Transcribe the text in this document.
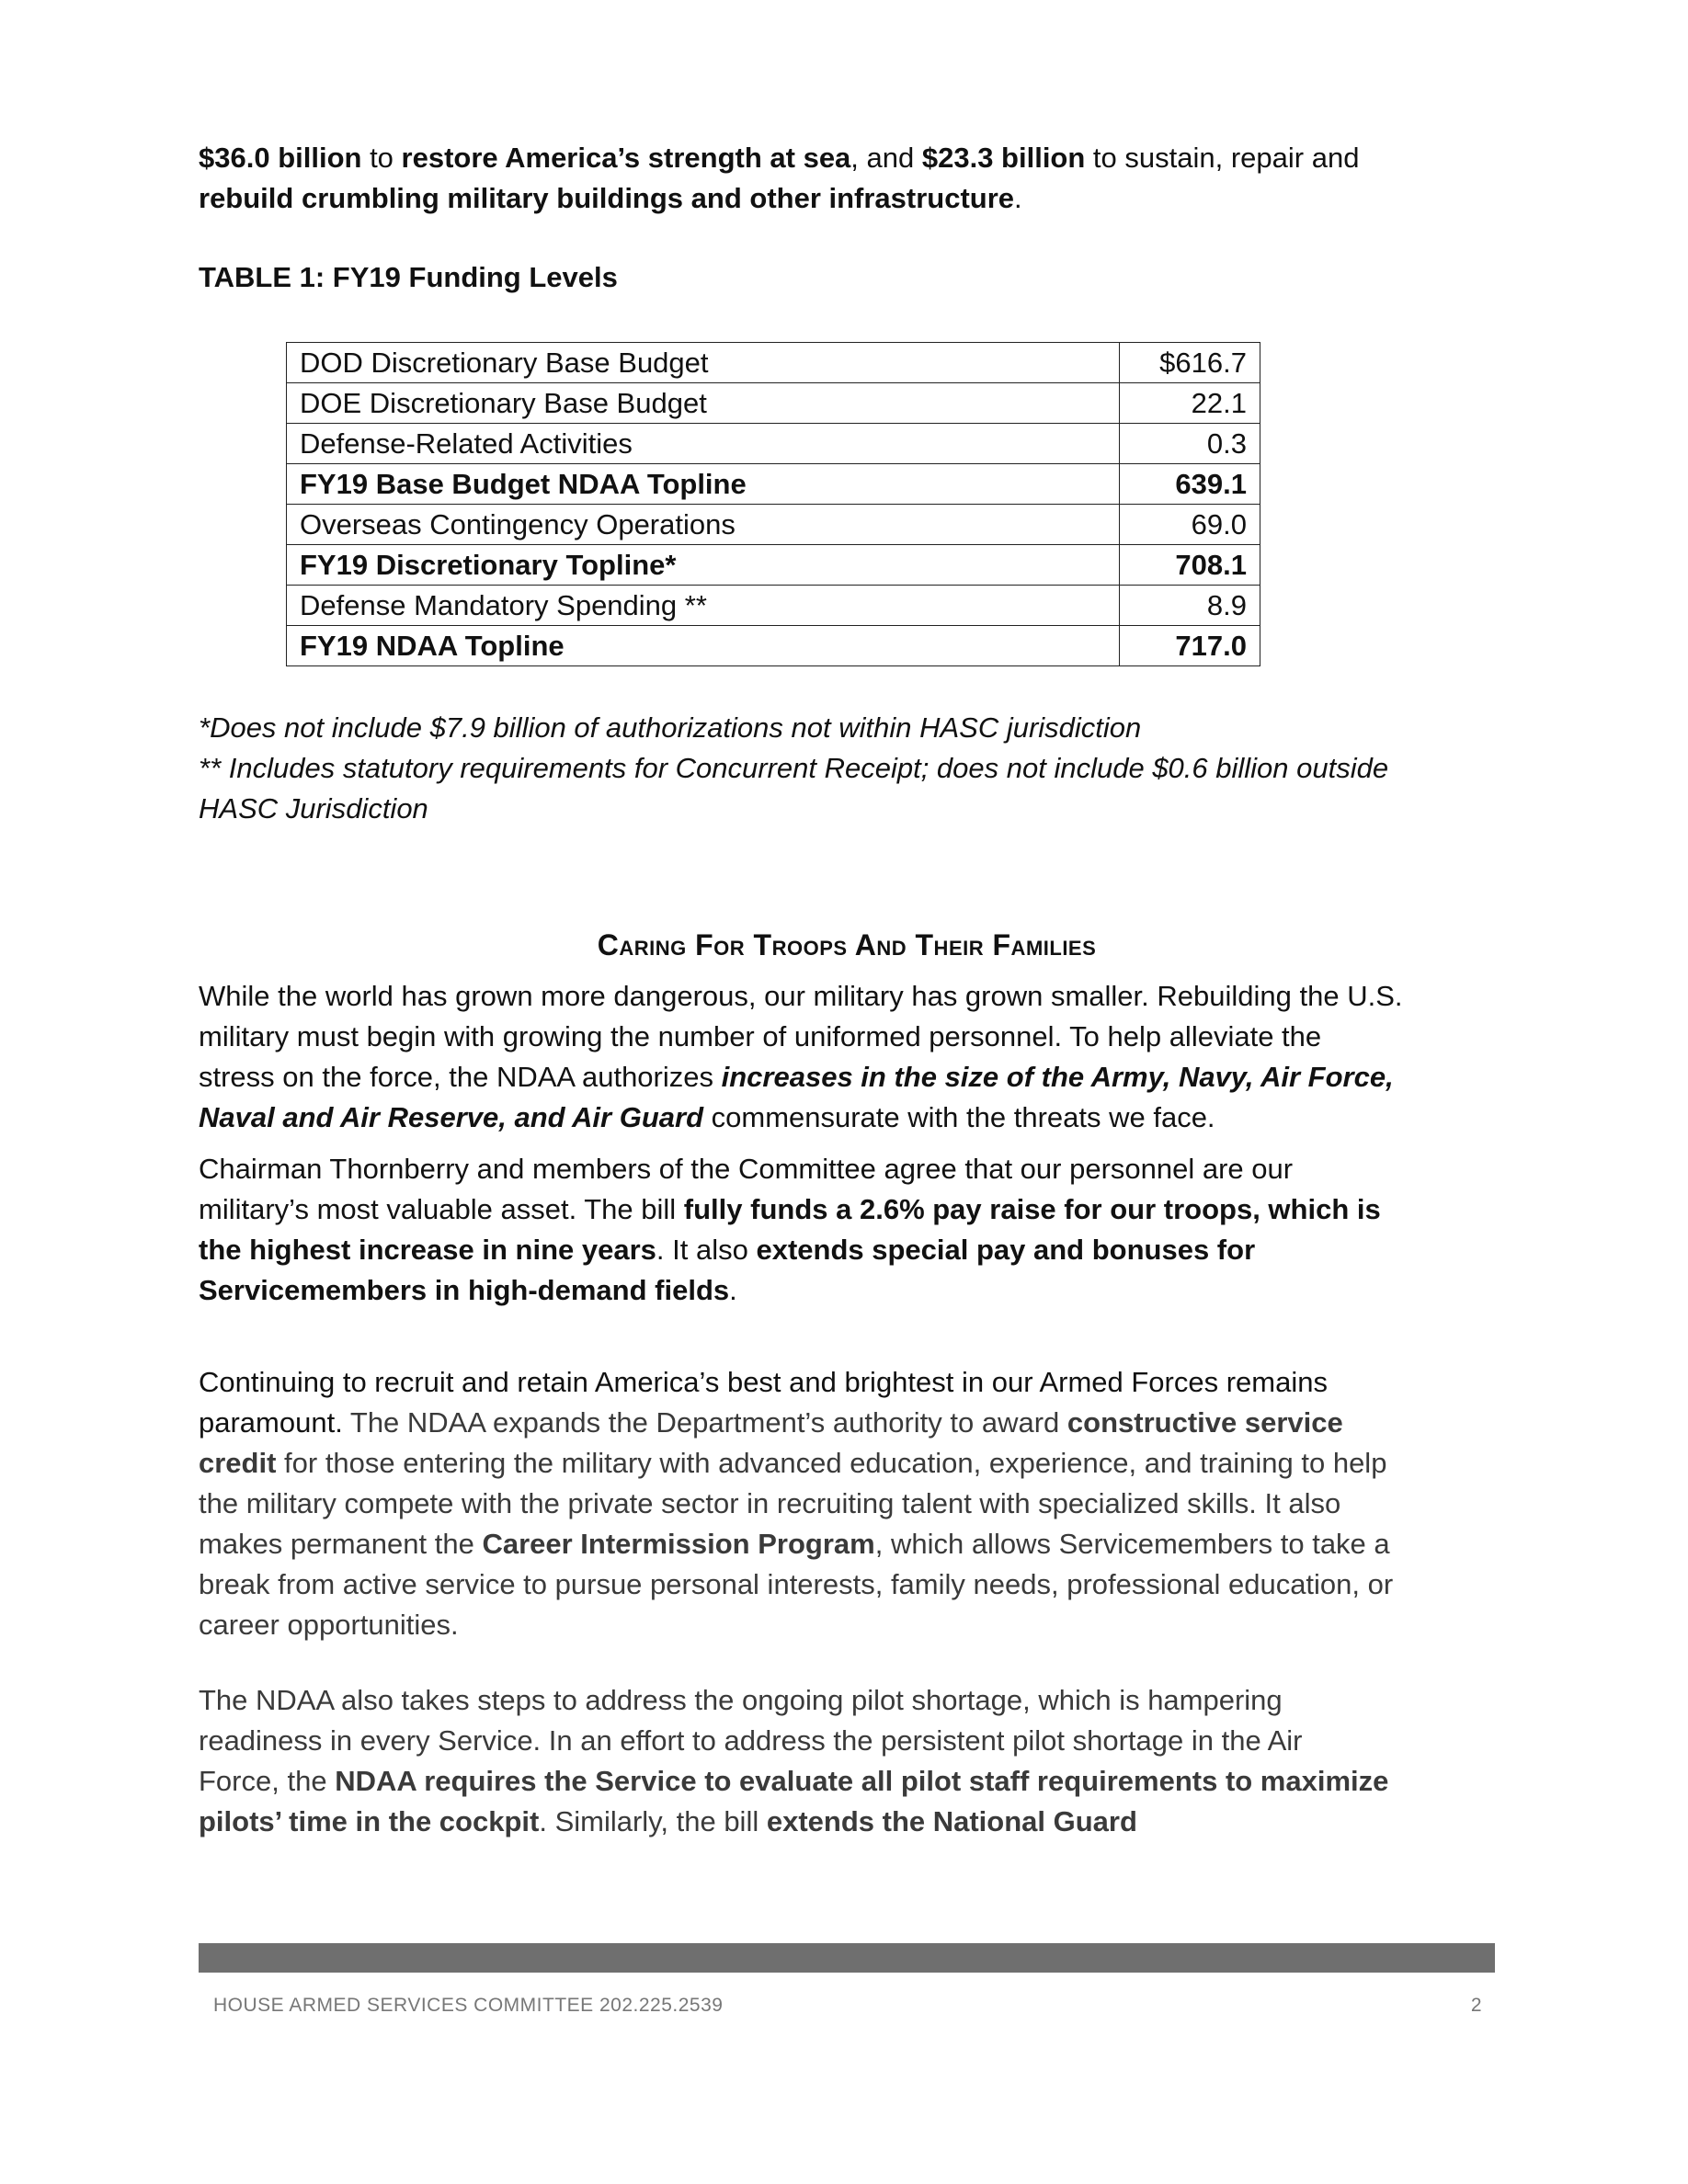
$36.0 billion to restore America’s strength at sea, and $23.3 billion to sustain, repair and

rebuild crumbling military buildings and other infrastructure.

TABLE 1: FY19 Funding Levels

DOD Discretionary Base Budget	$616.7
DOE Discretionary Base Budget	22.1
Defense-Related Activities	0.3
FY19 Base Budget NDAA Topline	639.1
Overseas Contingency Operations	69.0
FY19 Discretionary Topline*	708.1
Defense Mandatory Spending **	8.9
FY19 NDAA Topline	717.0
*Does not include $7.9 billion of authorizations not within HASC jurisdiction
** Includes statutory requirements for Concurrent Receipt; does not include $0.6 billion outside
HASC Jurisdiction
Caring For Troops And Their Families

While the world has grown more dangerous, our military has grown smaller. Rebuilding the U.S.

military must begin with growing the number of uniformed personnel. To help alleviate the

stress on the force, the NDAA authorizes increases in the size of the Army, Navy, Air Force,

Naval and Air Reserve, and Air Guard commensurate with the threats we face.

Chairman Thornberry and members of the Committee agree that our personnel are our

military’s most valuable asset. The bill fully funds a 2.6% pay raise for our troops, which is

the highest increase in nine years. It also extends special pay and bonuses for

Servicemembers in high-demand fields.

Continuing to recruit and retain America’s best and brightest in our Armed Forces remains

paramount. The NDAA expands the Department’s authority to award constructive service

credit for those entering the military with advanced education, experience, and training to help

the military compete with the private sector in recruiting talent with specialized skills. It also

makes permanent the Career Intermission Program, which allows Servicemembers to take a

break from active service to pursue personal interests, family needs, professional education, or

career opportunities.

The NDAA also takes steps to address the ongoing pilot shortage, which is hampering

readiness in every Service. In an effort to address the persistent pilot shortage in the Air

Force, the NDAA requires the Service to evaluate all pilot staff requirements to maximize

pilots’ time in the cockpit. Similarly, the bill extends the National Guard

HOUSE ARMED SERVICES COMMITTEE 202.225.2539	2
